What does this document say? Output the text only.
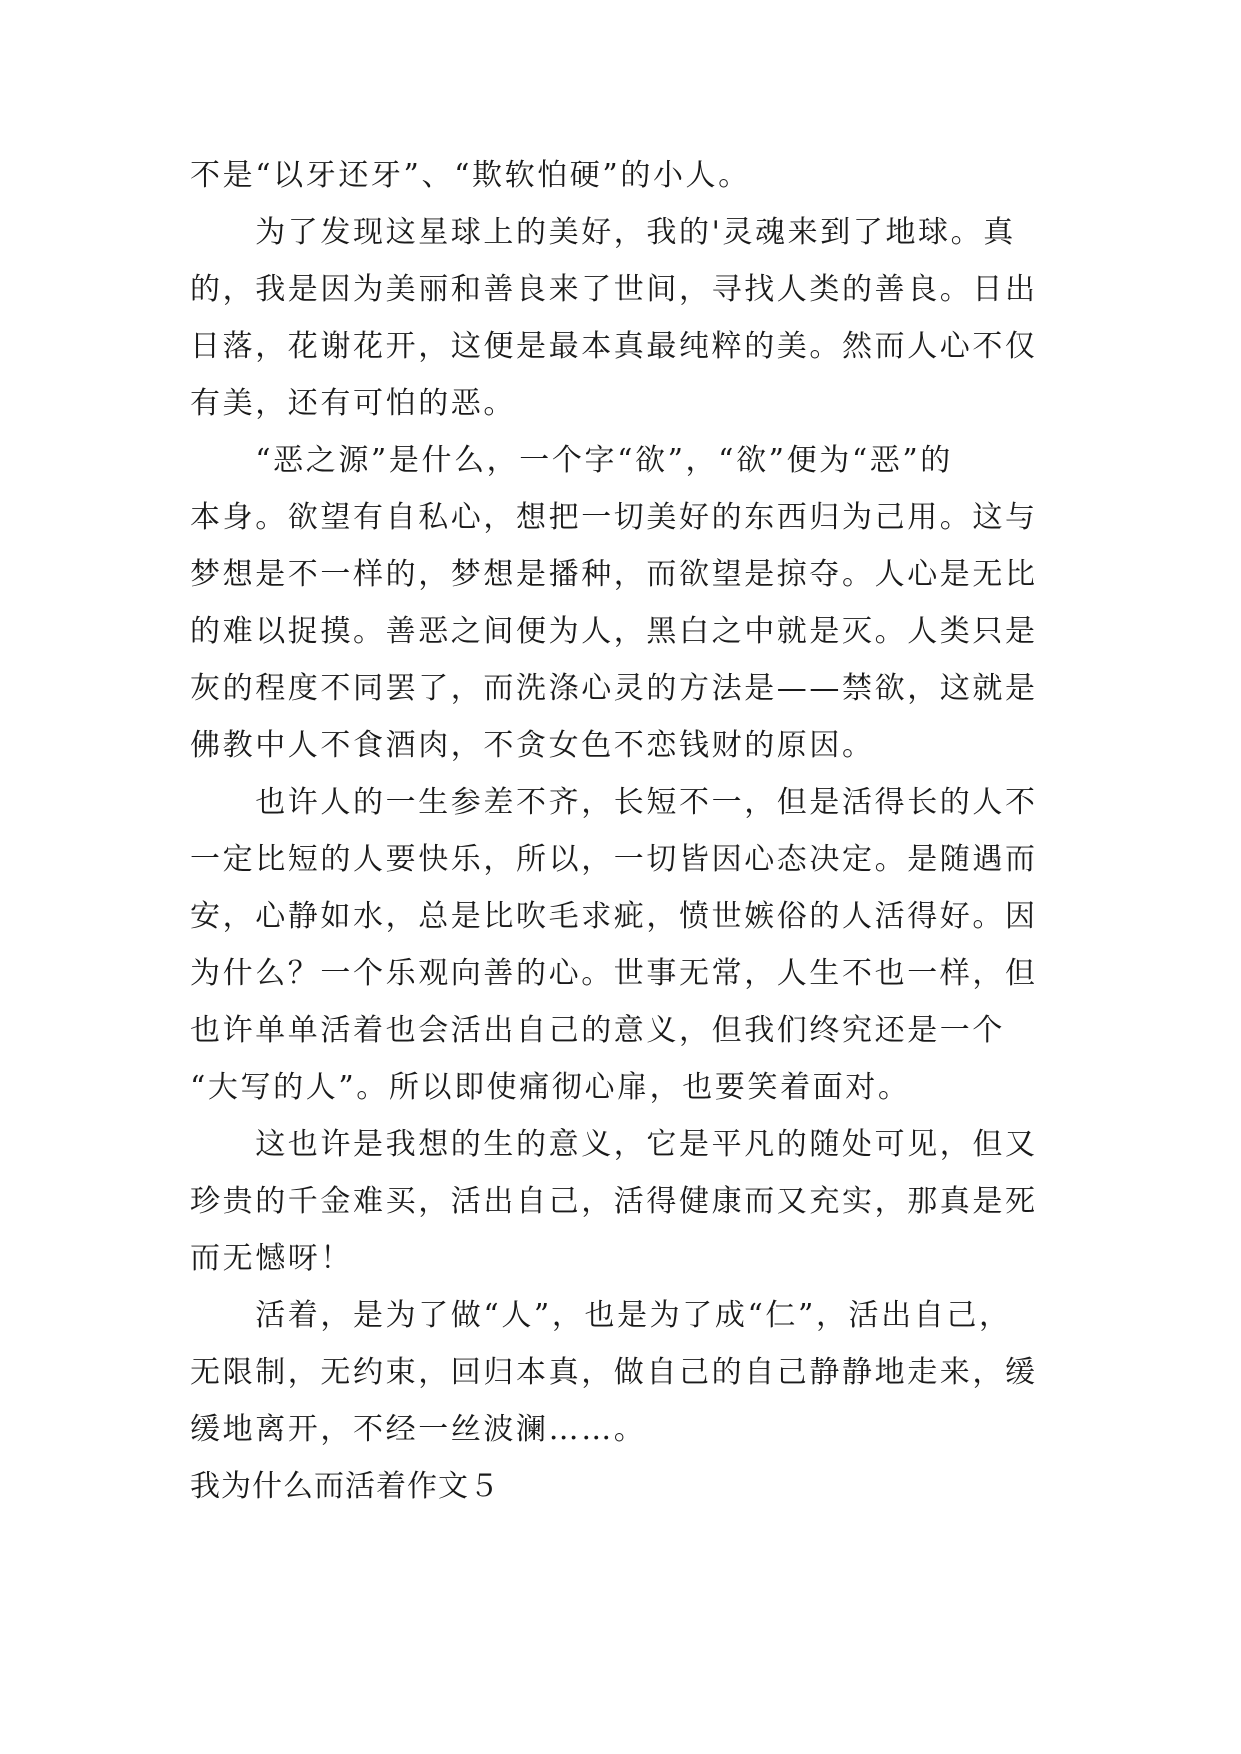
不是“以牙还牙”、“欺软怕硬”的小人。
　　为了发现这星球上的美好，我的'灵魂来到了地球。真
的，我是因为美丽和善良来了世间，寻找人类的善良。日出
日落，花谢花开，这便是最本真最纯粹的美。然而人心不仅
有美，还有可怕的恶。
　　“恶之源”是什么，一个字“欲”，“欲”便为“恶”的
本身。欲望有自私心，想把一切美好的东西归为己用。这与
梦想是不一样的，梦想是播种，而欲望是掠夺。人心是无比
的难以捉摸。善恶之间便为人，黑白之中就是灭。人类只是
灰的程度不同罢了，而洗涤心灵的方法是——禁欲，这就是
佛教中人不食酒肉，不贪女色不恋钱财的原因。
　　也许人的一生参差不齐，长短不一，但是活得长的人不
一定比短的人要快乐，所以，一切皆因心态决定。是随遇而
安，心静如水，总是比吹毛求疵，愤世嫉俗的人活得好。因
为什么？一个乐观向善的心。世事无常，人生不也一样，但
也许单单活着也会活出自己的意义，但我们终究还是一个
“大写的人”。所以即使痛彻心扉，也要笑着面对。
　　这也许是我想的生的意义，它是平凡的随处可见，但又
珍贵的千金难买，活出自己，活得健康而又充实，那真是死
而无憾呀！
　　活着，是为了做“人”，也是为了成“仁”，活出自己，
无限制，无约束，回归本真，做自己的自己静静地走来，缓
缓地离开，不经一丝波澜……。
我为什么而活着作文５
